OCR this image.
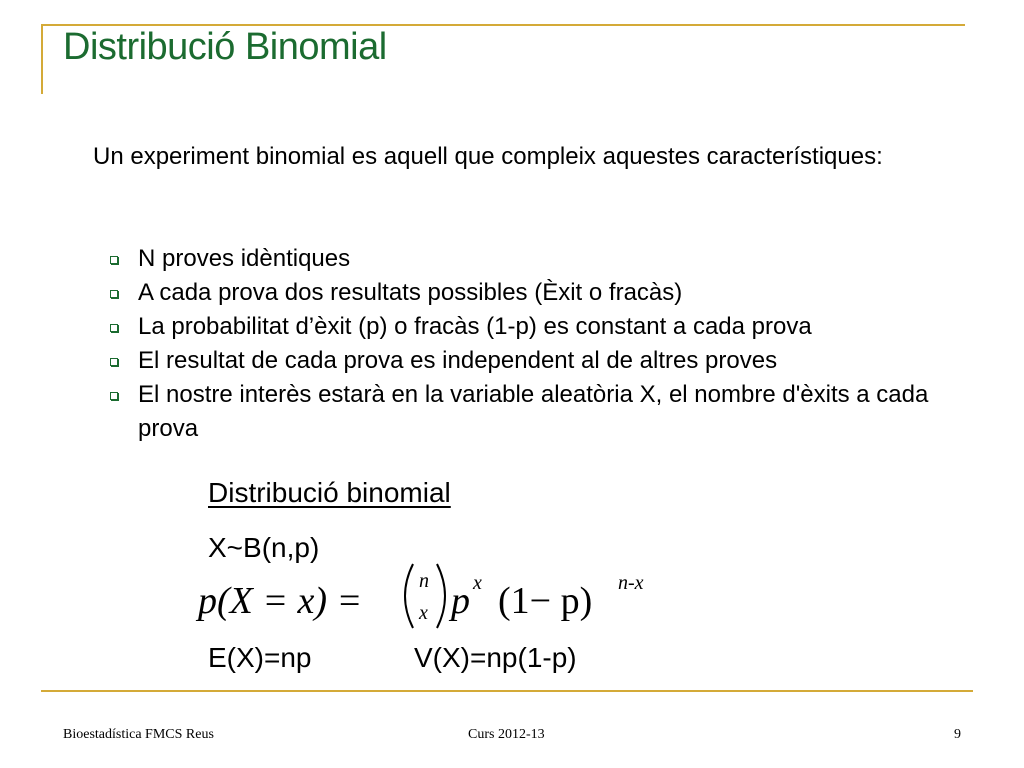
Distribució Binomial
Un experiment binomial es aquell que compleix aquestes característiques:
N proves idèntiques
A cada prova dos resultats possibles (Èxit o fracàs)
La probabilitat d’èxit (p) o fracàs (1-p) es constant a cada prova
El resultat de cada prova es independent al de altres proves
El nostre interès estarà en la variable aleatòria X, el nombre d'èxits a cada prova
Distribució binomial
X~B(n,p)
p(X = x) =	n
x p x (1− p) n-x
E(X)=np	V(X)=np(1-p)
Bioestadística FMCS Reus	Curs 2012-13	9
